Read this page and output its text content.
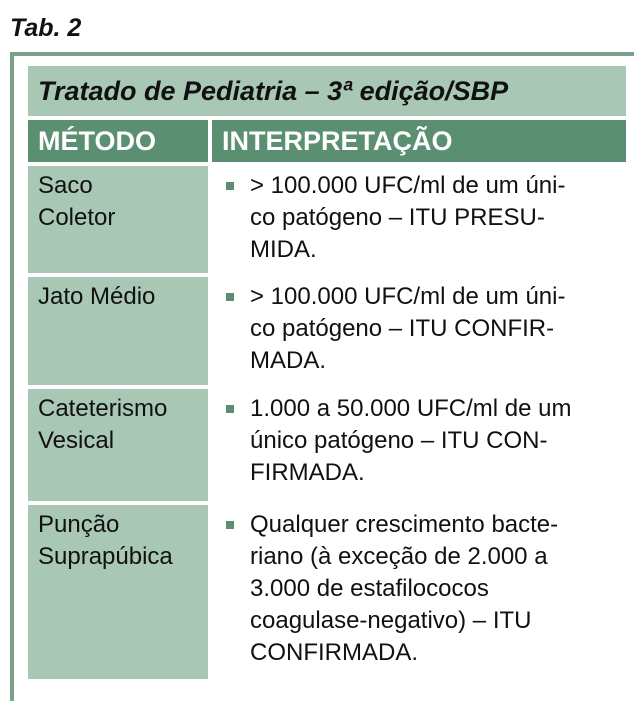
Tab. 2
Tratado de Pediatria – 3ª edição/SBP
MÉTODO	INTERPRETAÇÃO
Saco
Coletor
> 100.000 UFC/ml de um úni-
co patógeno – ITU PRESU-
MIDA.
Jato Médio	> 100.000 UFC/ml de um úni-
co patógeno – ITU CONFIR-
MADA.
Cateterismo
Vesical
1.000 a 50.000 UFC/ml de um
único patógeno – ITU CON-
FIRMADA.
Punção
Suprapúbica
Qualquer crescimento bacte-
riano (à exceção de 2.000 a
3.000 de estafilococos
coagulase-negativo) – ITU
CONFIRMADA.
